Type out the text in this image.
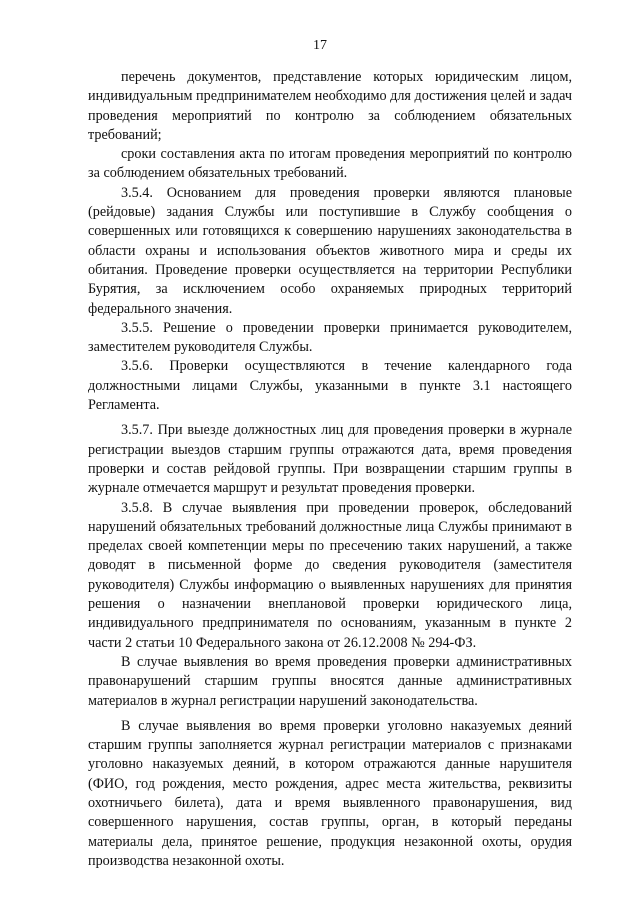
17

перечень документов, представление которых юридическим лицом, индивидуальным предпринимателем необходимо для достижения целей и задач проведения мероприятий по контролю за соблюдением обязательных требований;

сроки составления акта по итогам проведения мероприятий по контролю за соблюдением обязательных требований.

3.5.4. Основанием для проведения проверки являются плановые (рейдовые) задания Службы или поступившие в Службу сообщения о совершенных или готовящихся к совершению нарушениях законодательства в области охраны и использования объектов животного мира и среды их обитания. Проведение проверки осуществляется на территории Республики Бурятия, за исключением особо охраняемых природных территорий федерального значения.

3.5.5. Решение о проведении проверки принимается руководителем, заместителем руководителя Службы.

3.5.6. Проверки осуществляются в течение календарного года должностными лицами Службы, указанными в пункте 3.1 настоящего Регламента.

3.5.7. При выезде должностных лиц для проведения проверки в журнале регистрации выездов старшим группы отражаются дата, время проведения проверки и состав рейдовой группы. При возвращении старшим группы в журнале отмечается маршрут и результат проведения проверки.

3.5.8. В случае выявления при проведении проверок, обследований нарушений обязательных требований должностные лица Службы принимают в пределах своей компетенции меры по пресечению таких нарушений, а также доводят в письменной форме до сведения руководителя (заместителя руководителя) Службы информацию о выявленных нарушениях для принятия решения о назначении внеплановой проверки юридического лица, индивидуального предпринимателя по основаниям, указанным в пункте 2 части 2 статьи 10 Федерального закона от 26.12.2008 № 294-ФЗ.

В случае выявления во время проведения проверки административных правонарушений старшим группы вносятся данные административных материалов в журнал регистрации нарушений законодательства.

В случае выявления во время проверки уголовно наказуемых деяний старшим группы заполняется журнал регистрации материалов с признаками уголовно наказуемых деяний, в котором отражаются данные нарушителя (ФИО, год рождения, место рождения, адрес места жительства, реквизиты охотничьего билета), дата и время выявленного правонарушения, вид совершенного нарушения, состав группы, орган, в который переданы материалы дела, принятое решение, продукция незаконной охоты, орудия производства незаконной охоты.
